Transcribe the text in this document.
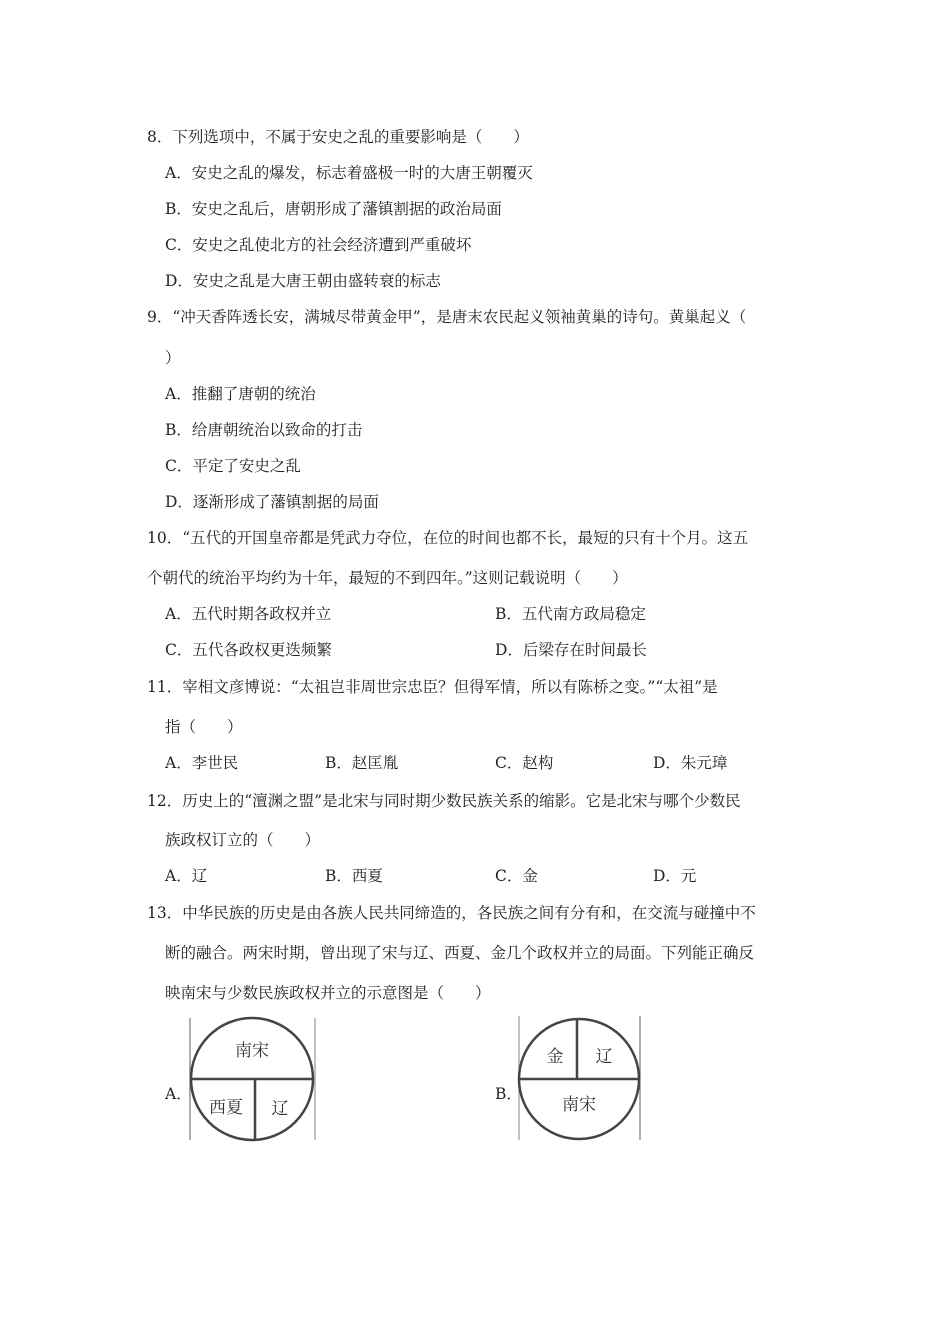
8．下列选项中，不属于安史之乱的重要影响是（　　）
A．安史之乱的爆发，标志着盛极一时的大唐王朝覆灭
B．安史之乱后，唐朝形成了藩镇割据的政治局面
C．安史之乱使北方的社会经济遭到严重破坏
D．安史之乱是大唐王朝由盛转衰的标志
9．“冲天香阵透长安，满城尽带黄金甲”，是唐末农民起义领袖黄巢的诗句。黄巢起义（
）
A．推翻了唐朝的统治
B．给唐朝统治以致命的打击
C．平定了安史之乱
D．逐渐形成了藩镇割据的局面
10．“五代的开国皇帝都是凭武力夺位，在位的时间也都不长，最短的只有十个月。这五
个朝代的统治平均约为十年，最短的不到四年。”这则记载说明（　　）
A．五代时期各政权并立	B．五代南方政局稳定
C．五代各政权更迭频繁	D．后梁存在时间最长
11．宰相文彦博说：“太祖岂非周世宗忠臣？但得军情，所以有陈桥之变。”“太祖”是
指（　　）
A．李世民	B．赵匡胤	C．赵构	D．朱元璋
12．历史上的“澶渊之盟”是北宋与同时期少数民族关系的缩影。它是北宋与哪个少数民
族政权订立的（　　）
A．辽	B．西夏	C．金	D．元
13．中华民族的历史是由各族人民共同缔造的，各民族之间有分有和，在交流与碰撞中不
断的融合。两宋时期，曾出现了宋与辽、西夏、金几个政权并立的局面。下列能正确反
映南宋与少数民族政权并立的示意图是（　　）
A．
南宋
西夏 辽
B．
金 辽
南宋
